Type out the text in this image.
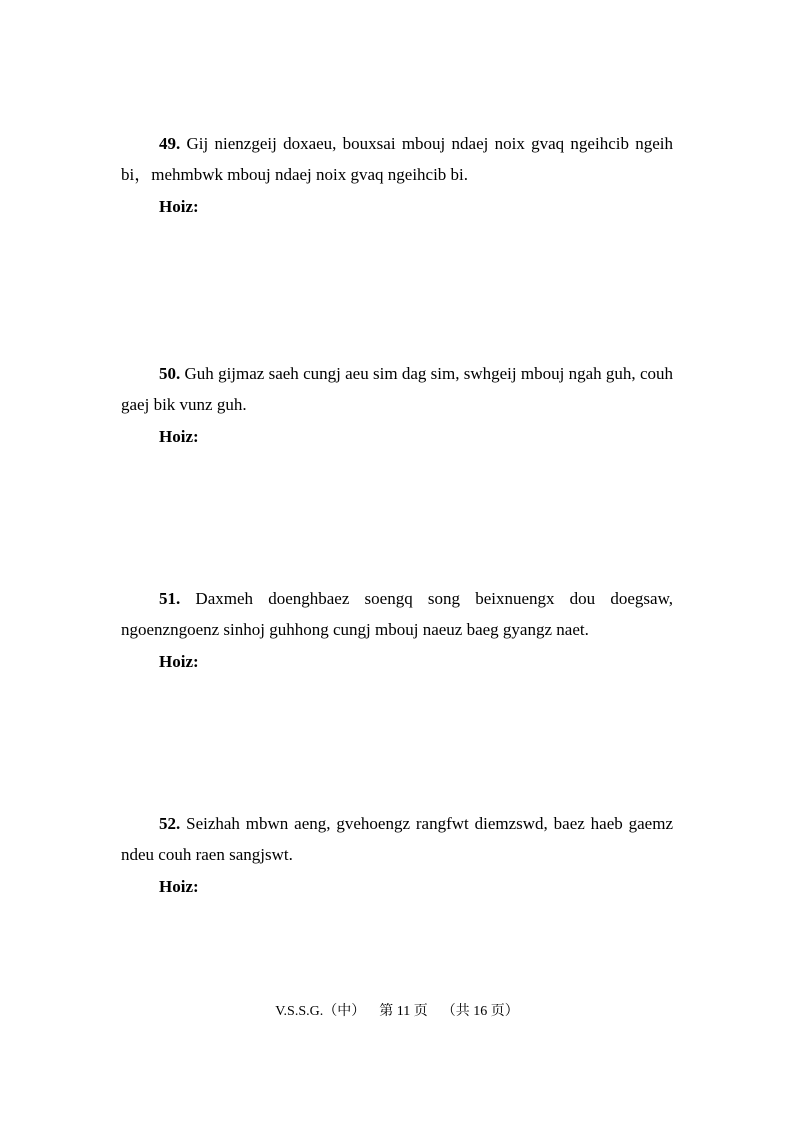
49. Gij nienzgeij doxaeu, bouxsai mbouj ndaej noix gvaq ngeihcib ngeih bi，mehmbwk mbouj ndaej noix gvaq ngeihcib bi.

Hoiz:

50. Guh gijmaz saeh cungj aeu sim dag sim, swhgeij mbouj ngah guh, couh gaej bik vunz guh.

Hoiz:

51. Daxmeh doenghbaez soengq song beixnuengx dou doegsaw, ngoenzngoenz sinhoj guhhong cungj mbouj naeuz baeg gyangz naet.

Hoiz:

52. Seizhah mbwn aeng, gvehoengz rangfwt diemzswd, baez haeb gaemz ndeu couh raen sangjswt.

Hoiz:
V.S.S.G.（中） 第 11 页 （共 16 页）
